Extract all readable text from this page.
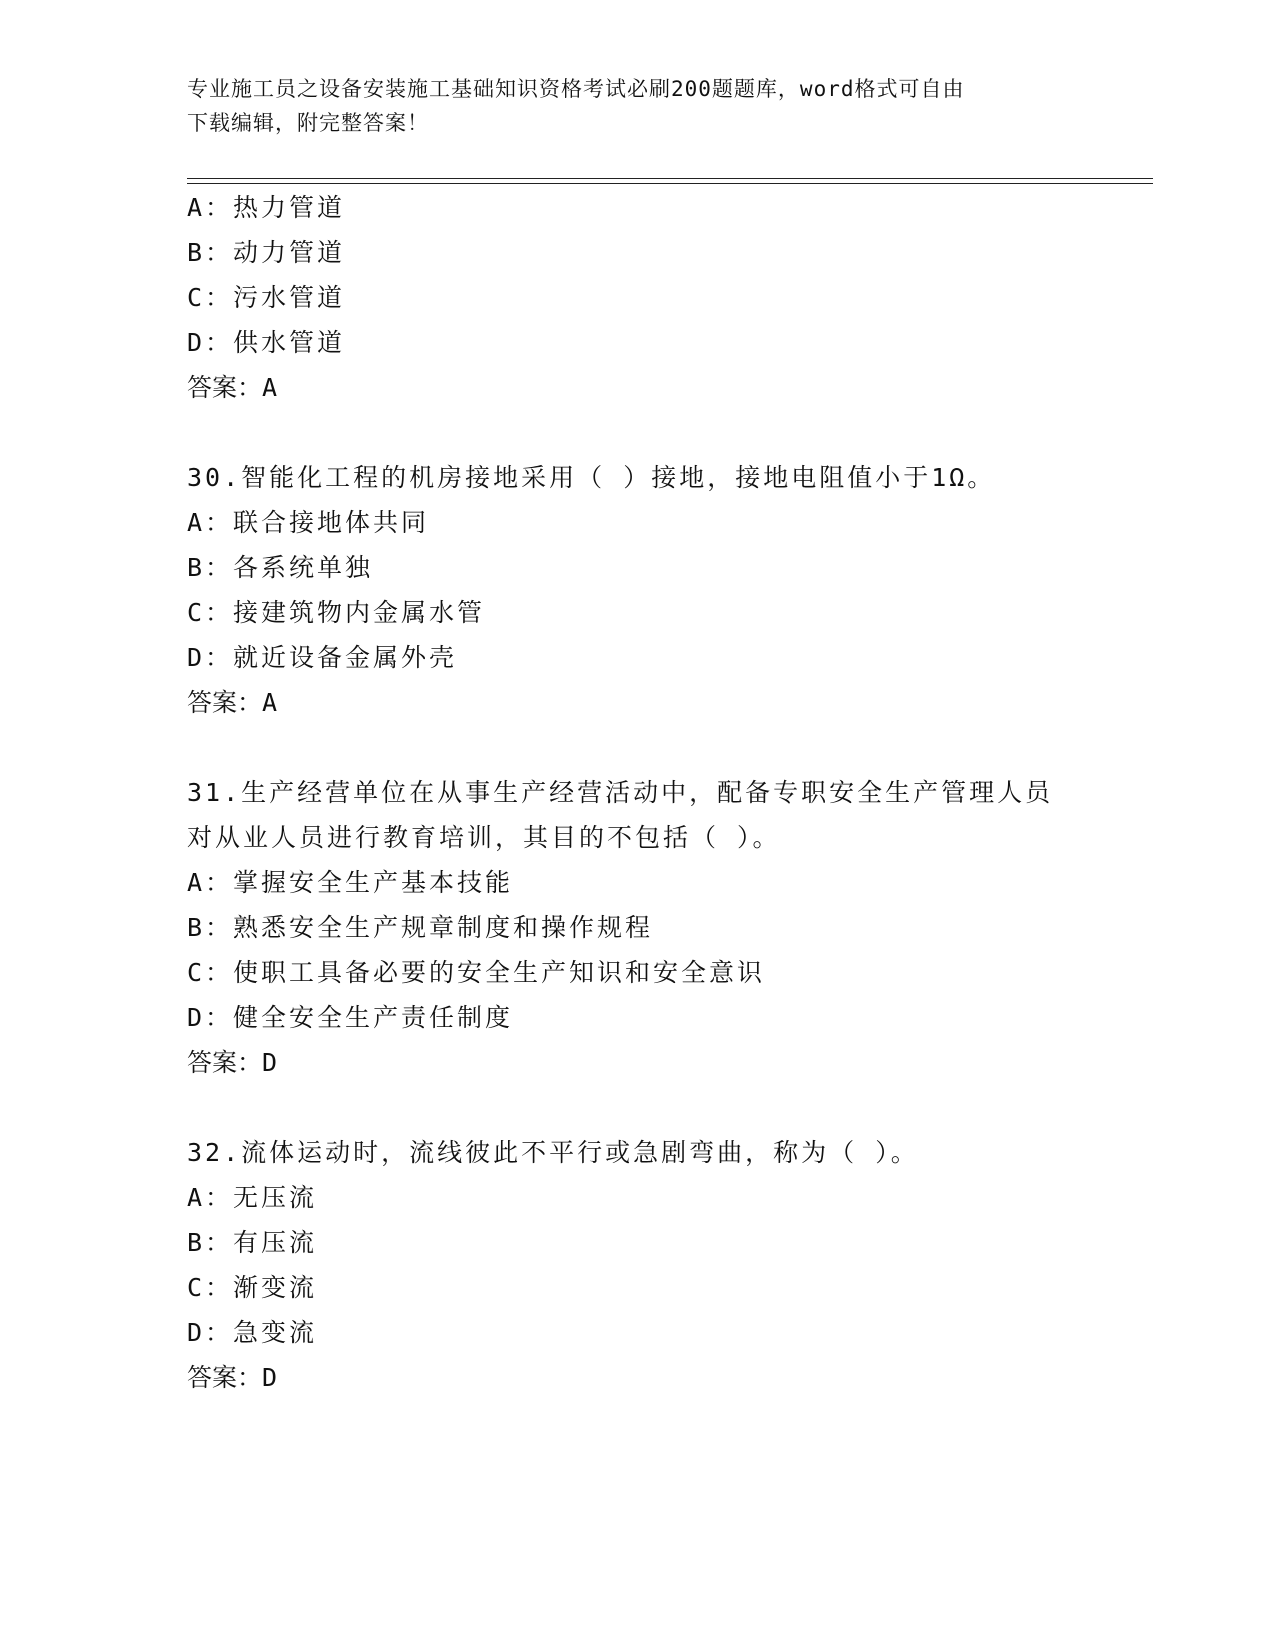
专业施工员之设备安装施工基础知识资格考试必刷200题题库，word格式可自由
下载编辑，附完整答案！
A：热力管道
B：动力管道
C：污水管道
D：供水管道
答案：A
30.智能化工程的机房接地采用（ ）接地，接地电阻值小于1Ω。
A：联合接地体共同
B：各系统单独
C：接建筑物内金属水管
D：就近设备金属外壳
答案：A
31.生产经营单位在从事生产经营活动中，配备专职安全生产管理人员
对从业人员进行教育培训，其目的不包括（ ）。
A：掌握安全生产基本技能
B：熟悉安全生产规章制度和操作规程
C：使职工具备必要的安全生产知识和安全意识
D：健全安全生产责任制度
答案：D
32.流体运动时，流线彼此不平行或急剧弯曲，称为（ ）。
A：无压流
B：有压流
C：渐变流
D：急变流
答案：D
